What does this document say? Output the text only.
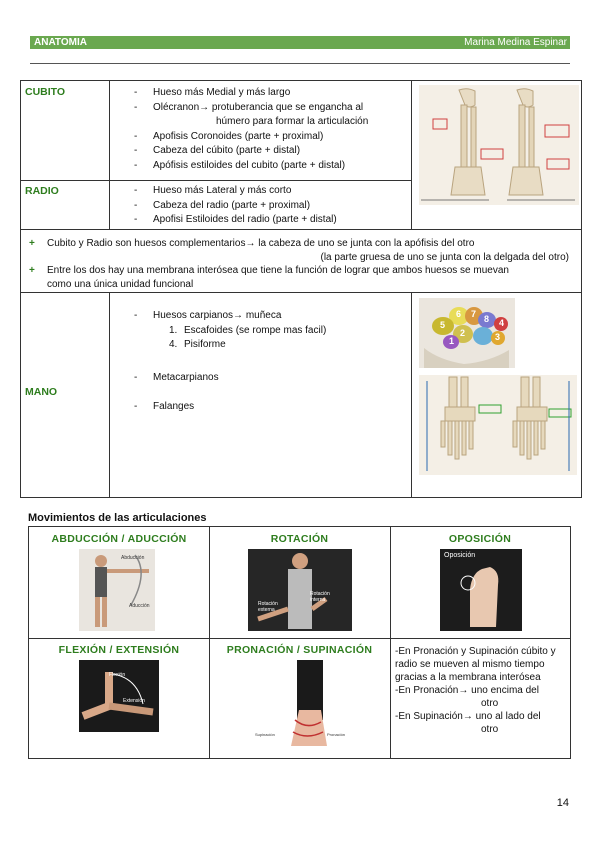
ANATOMIA	Marina Medina Espinar
CUBITO	- Hueso más Medial y más largo
- Olécranon→ protuberancia que se engancha al
húmero para formar la articulación
- Apofisis Coronoides (parte + proximal)
- Cabeza del cúbito (parte + distal)
- Apófisis estiloides del cubito (parte + distal)
RADIO	- Hueso más Lateral y más corto
- Cabeza del radio (parte + proximal)
- Apofisi Estiloides del radio (parte + distal)
+ Cubito y Radio son huesos complementarios→ la cabeza de uno se junta con la apófisis del otro
(la parte gruesa de uno se junta con la delgada del otro)
+ Entre los dos hay una membrana interósea que tiene la función de lograr que ambos huesos se muevan
como una única unidad funcional
MANO
- Huesos carpianos→ muñeca
1. Escafoides (se rompe mas facil)
4. Pisiforme
- Metacarpianos
- Falanges
6 7 8 4
5
2	3
1
Movimientos de las articulaciones
ABDUCCIÓN / ADUCCIÓN
Abducción
Aducción
ROTACIÓN
Rotación externa
Rotación interna
OPOSICIÓN
Oposición
FLEXIÓN / EXTENSIÓN
Flexión
Extensión
PRONACIÓN / SUPINACIÓN
Supinación	Pronación
-En Pronación y Supinación cúbito y radio se mueven al mismo tiempo gracias a la membrana interósea
-En Pronación→ uno encima del
otro
-En Supinación→ uno al lado del
otro
14
